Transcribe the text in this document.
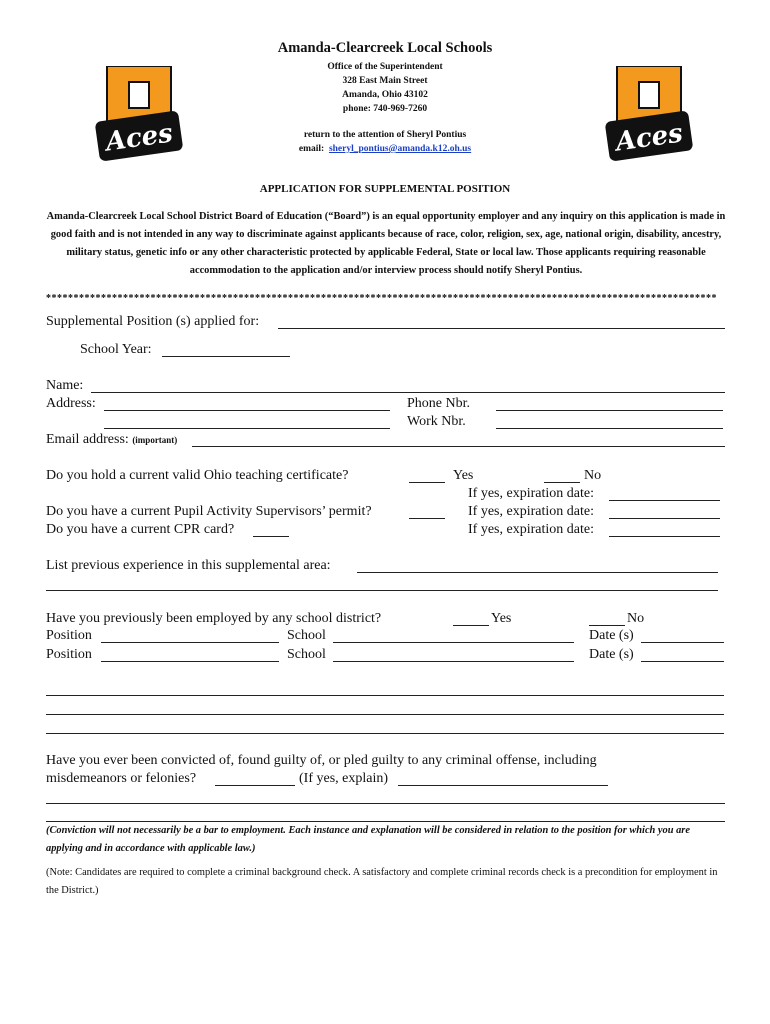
Amanda-Clearcreek Local Schools
Office of the Superintendent
328 East Main Street
Amanda, Ohio 43102
phone: 740-969-7260
return to the attention of Sheryl Pontius
email: sheryl_pontius@amanda.k12.oh.us
Aces	Aces
APPLICATION FOR SUPPLEMENTAL POSITION
Amanda-Clearcreek Local School District Board of Education (“Board”) is an equal opportunity employer and any inquiry on this application is made in good faith and is not intended in any way to discriminate against applicants because of race, color, religion, sex, age, national origin, disability, ancestry, military status, genetic info or any other characteristic protected by applicable Federal, State or local law. Those applicants requiring reasonable accommodation to the application and/or interview process should notify Sheryl Pontius.
**************************************************************************************************************************
Supplemental Position (s) applied for:
School Year:
Name:
Address:	Phone Nbr.
Work Nbr.
Email address: (important)
Do you hold a current valid Ohio teaching certificate?	Yes	No
If yes, expiration date:
Do you have a current Pupil Activity Supervisors’ permit?	If yes, expiration date:
Do you have a current CPR card?	If yes, expiration date:
List previous experience in this supplemental area:
Have you previously been employed by any school district?	Yes	No
Position	School	Date (s)
Position	School	Date (s)
Have you ever been convicted of, found guilty of, or pled guilty to any criminal offense, including
misdemeanors or felonies?	(If yes, explain)
(Conviction will not necessarily be a bar to employment. Each instance and explanation will be considered in relation to the position for which you are applying and in accordance with applicable law.)
(Note: Candidates are required to complete a criminal background check. A satisfactory and complete criminal records check is a precondition for employment in the District.)
